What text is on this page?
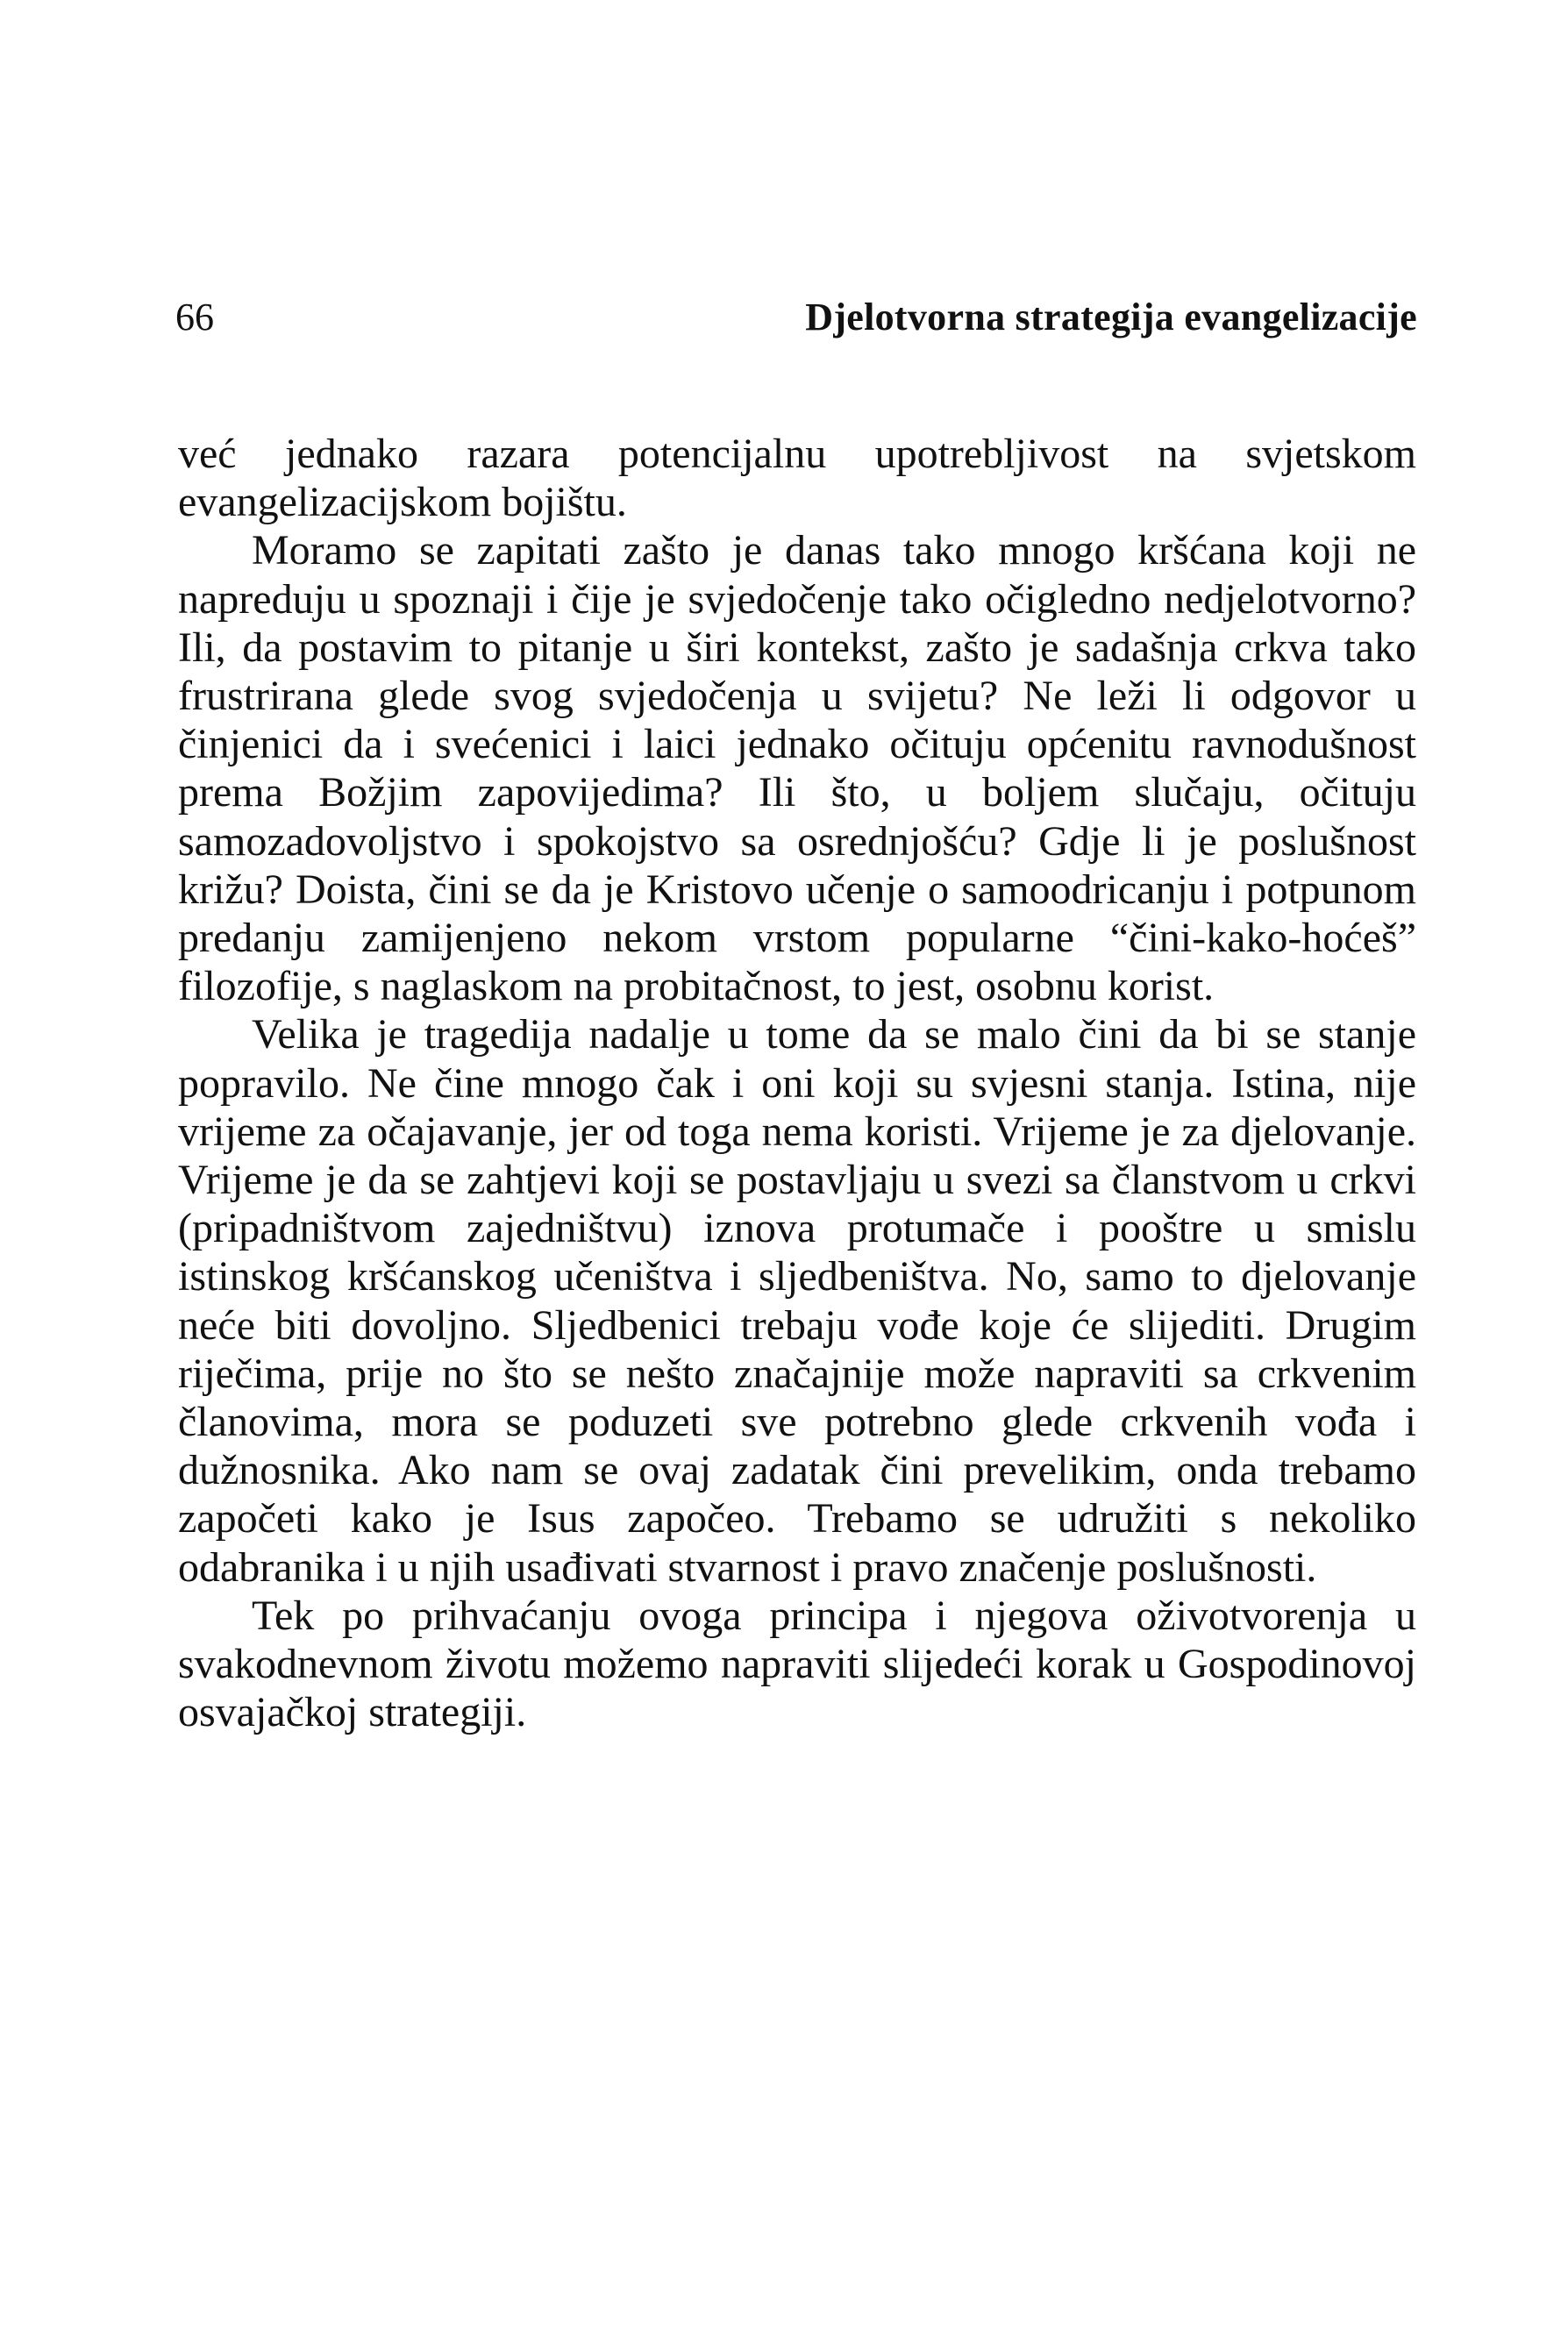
66	Djelotvorna strategija evangelizacije

već jednako razara potencijalnu upotrebljivost na svjetskom evangelizacijskom bojištu.

Moramo se zapitati zašto je danas tako mnogo kršćana koji ne napreduju u spoznaji i čije je svjedočenje tako očigledno nedjelotvorno? Ili, da postavim to pitanje u širi kontekst, zašto je sadašnja crkva tako frustrirana glede svog svjedočenja u svijetu? Ne leži li odgovor u činjenici da i svećenici i laici jednako očituju općenitu ravnodušnost prema Božjim zapovijedima? Ili što, u boljem slučaju, očituju samozadovoljstvo i spokojstvo sa osrednjošću? Gdje li je poslušnost križu? Doista, čini se da je Kristovo učenje o samoodricanju i potpunom predanju zamijenjeno nekom vrstom popularne “čini-kako-hoćeš” filozofije, s naglaskom na probitačnost, to jest, osobnu korist.

Velika je tragedija nadalje u tome da se malo čini da bi se stanje popravilo. Ne čine mnogo čak i oni koji su svjesni stanja. Istina, nije vrijeme za očajavanje, jer od toga nema koristi. Vrijeme je za djelovanje. Vrijeme je da se zahtjevi koji se postavljaju u svezi sa članstvom u crkvi (pripadništvom zajedništvu) iznova protumače i pooštre u smislu istinskog kršćanskog učeništva i sljedbeništva. No, samo to djelovanje neće biti dovoljno. Sljedbenici trebaju vođe koje će slijediti. Drugim riječima, prije no što se nešto značajnije može napraviti sa crkvenim članovima, mora se poduzeti sve potrebno glede crkvenih vođa i dužnosnika. Ako nam se ovaj zadatak čini prevelikim, onda trebamo započeti kako je Isus započeo. Trebamo se udružiti s nekoliko odabranika i u njih usađivati stvarnost i pravo značenje poslušnosti.

Tek po prihvaćanju ovoga principa i njegova oživotvorenja u svakodnevnom životu možemo napraviti slijedeći korak u Gospodinovoj osvajačkoj strategiji.
